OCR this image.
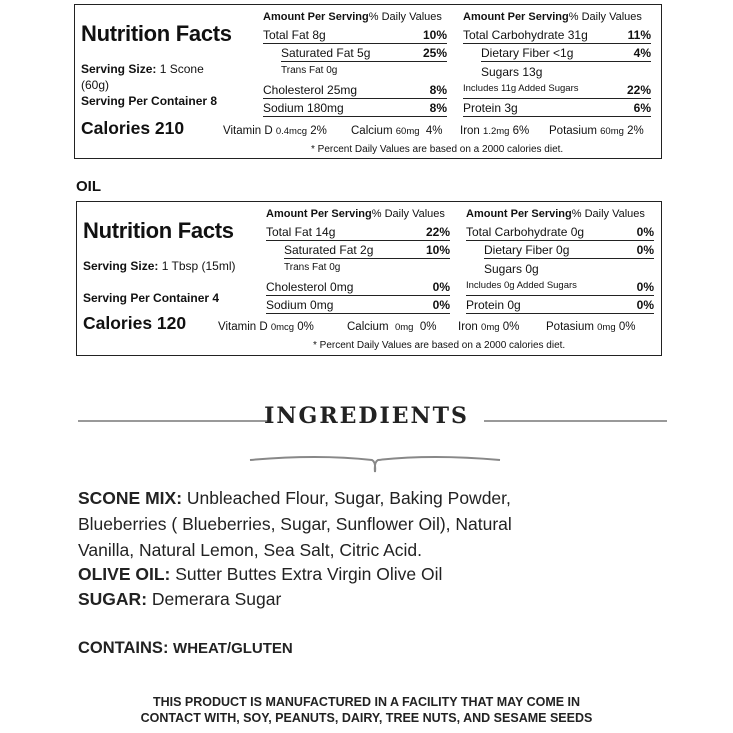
Nutrition Facts
Serving Size: 1 Scone
(60g)
Serving Per Container 8
Calories 210
Amount Per Serving% Daily Values Amount Per Serving% Daily Values
Total Fat 8g	10%
Saturated Fat 5g	25%
Trans Fat 0g
Cholesterol 25mg	8%
Sodium 180mg	8%
Total Carbohydrate 31g	11%
Dietary Fiber <1g	4%
Sugars 13g
Includes 11g Added Sugars	22%
Protein 3g	6%
Vitamin D 0.4mcg 2% Calcium 60mg 4% Iron 1.2mg 6% Potasium 60mg 2%
* Percent Daily Values are based on a 2000 calories diet.
OIL
Nutrition Facts
Serving Size: 1 Tbsp (15ml)
Serving Per Container 4
Calories 120
Amount Per Serving% Daily Values Amount Per Serving% Daily Values
Total Fat 14g	22%
Saturated Fat 2g	10%
Trans Fat 0g
Cholesterol 0mg	0%
Sodium 0mg	0%
Total Carbohydrate 0g	0%
Dietary Fiber 0g	0%
Sugars 0g
Includes 0g Added Sugars	0%
Protein 0g	0%
Vitamin D 0mcg 0%	Calcium 0mg 0% Iron 0mg 0% Potasium 0mg 0%
* Percent Daily Values are based on a 2000 calories diet.
INGREDIENTS
SCONE MIX: Unbleached Flour, Sugar, Baking Powder,
Blueberries ( Blueberries, Sugar, Sunflower Oil), Natural
Vanilla, Natural Lemon, Sea Salt, Citric Acid.
OLIVE OIL: Sutter Buttes Extra Virgin Olive Oil
SUGAR: Demerara Sugar
CONTAINS: WHEAT/GLUTEN
THIS PRODUCT IS MANUFACTURED IN A FACILITY THAT MAY COME IN
CONTACT WITH, SOY, PEANUTS, DAIRY, TREE NUTS, AND SESAME SEEDS
